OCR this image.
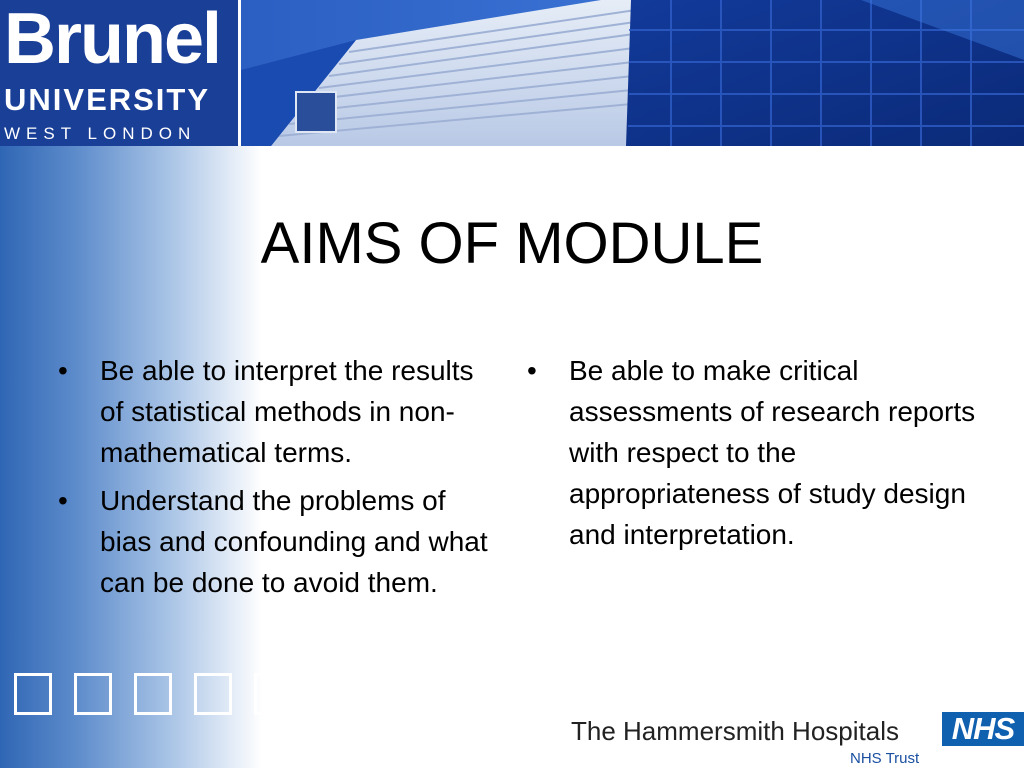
Brunel
UNIVERSITY
WEST LONDON
AIMS OF MODULE
•	Be able to interpret the results of statistical methods in non-mathematical terms.
•	Understand the problems of bias and confounding and what can be done to avoid them.
•	Be able to make critical assessments of research reports with respect to the appropriateness of study design and interpretation.
The Hammersmith Hospitals	NHS
NHS Trust
